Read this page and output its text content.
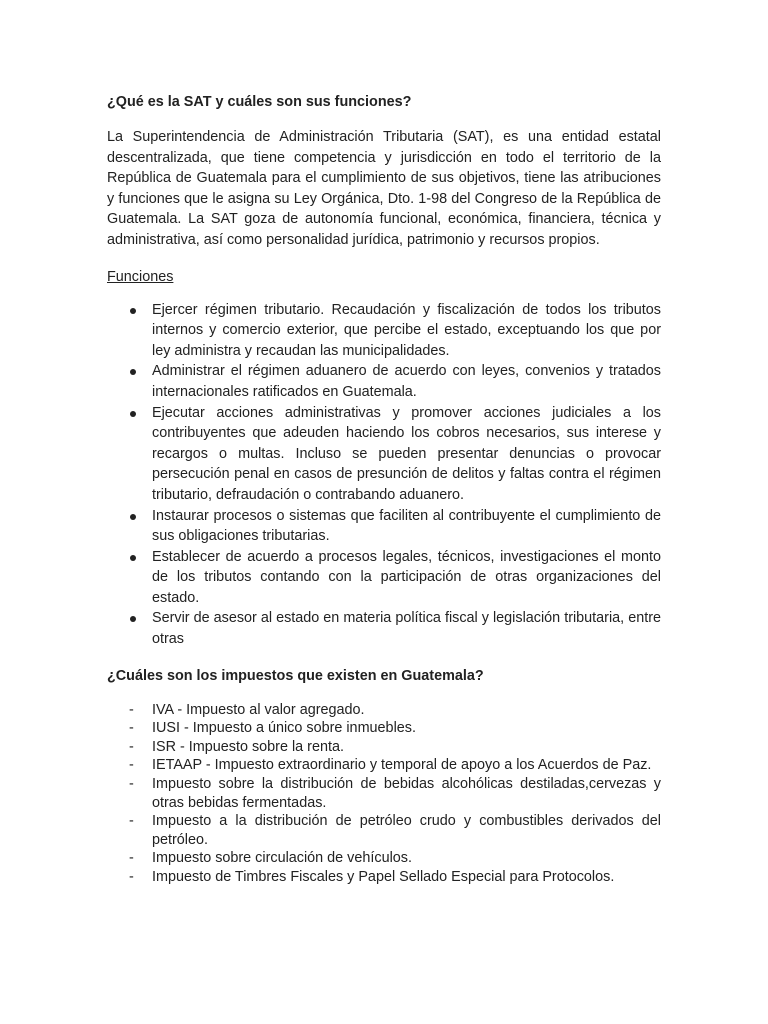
¿Qué es la SAT y cuáles son sus funciones?

La Superintendencia de Administración Tributaria (SAT), es una entidad estatal descentralizada, que tiene competencia y jurisdicción en todo el territorio de la República de Guatemala para el cumplimiento de sus objetivos, tiene las atribuciones y funciones que le asigna su Ley Orgánica, Dto. 1-98 del Congreso de la República de Guatemala. La SAT goza de autonomía funcional, económica, financiera, técnica y administrativa, así como personalidad jurídica, patrimonio y recursos propios.

Funciones

Ejercer régimen tributario. Recaudación y fiscalización de todos los tributos internos y comercio exterior, que percibe el estado, exceptuando los que por ley administra y recaudan las municipalidades.
Administrar el régimen aduanero de acuerdo con leyes, convenios y tratados internacionales ratificados en Guatemala.
Ejecutar acciones administrativas y promover acciones judiciales a los contribuyentes que adeuden haciendo los cobros necesarios, sus interese y recargos o multas. Incluso se pueden presentar denuncias o provocar persecución penal en casos de presunción de delitos y faltas contra el régimen tributario, defraudación o contrabando aduanero.
Instaurar procesos o sistemas que faciliten al contribuyente el cumplimiento de sus obligaciones tributarias.
Establecer de acuerdo a procesos legales, técnicos, investigaciones el monto de los tributos contando con la participación de otras organizaciones del estado.
Servir de asesor al estado en materia política fiscal y legislación tributaria, entre otras
¿Cuáles son los impuestos que existen en Guatemala?
- IVA - Impuesto al valor agregado.
- IUSI - Impuesto a único sobre inmuebles.
- ISR - Impuesto sobre la renta.
- IETAAP - Impuesto extraordinario y temporal de apoyo a los Acuerdos de Paz.
- Impuesto sobre la distribución de bebidas alcohólicas destiladas,cervezas y otras bebidas fermentadas.
- Impuesto a la distribución de petróleo crudo y combustibles derivados del petróleo.
- Impuesto sobre circulación de vehículos.
- Impuesto de Timbres Fiscales y Papel Sellado Especial para Protocolos.
